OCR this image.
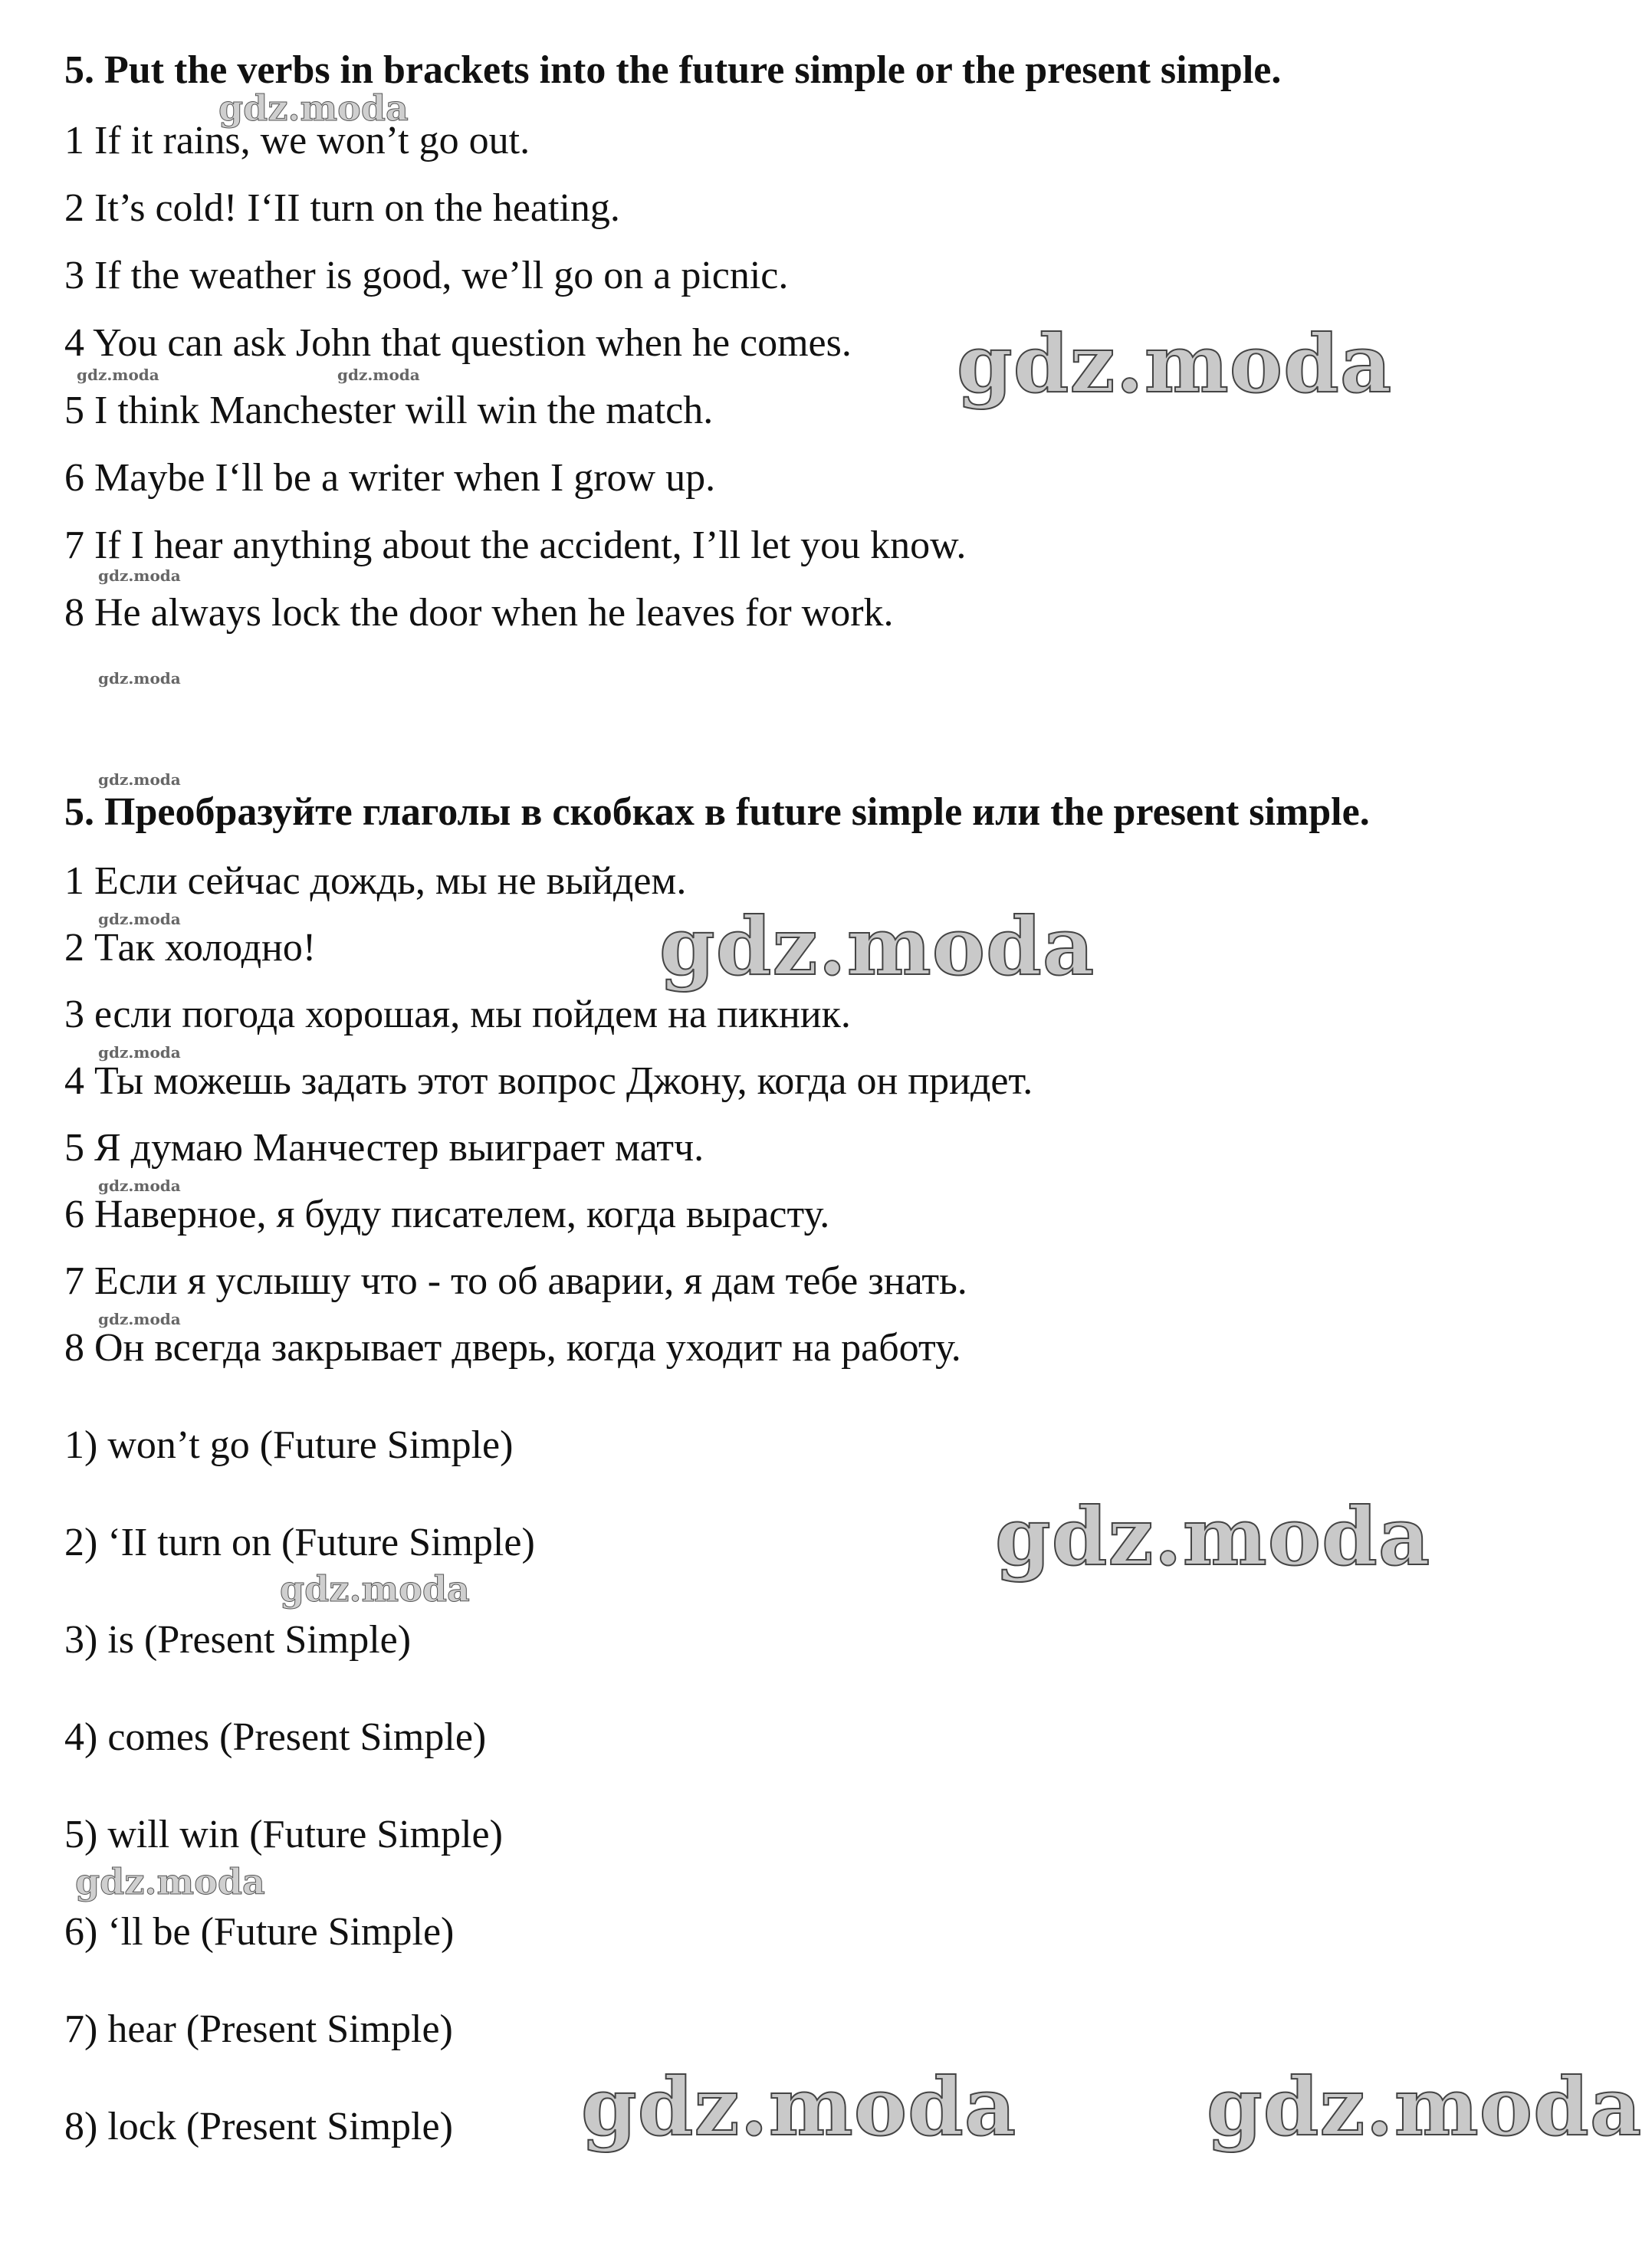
5. Put the verbs in brackets into the future simple or the present simple.
1 If it rains, we won’t go out.
2 It’s cold! I‘II turn on the heating.
3 If the weather is good, we’ll go on a picnic.
4 You can ask John that question when he comes.
5 I think Manchester will win the match.
6 Maybe I‘ll be a writer when I grow up.
7 If I hear anything about the accident, I’ll let you know.
8 He always lock the door when he leaves for work.
5. Преобразуйте глаголы в скобках в future simple или the present simple.
1 Если сейчас дождь, мы не выйдем.
2 Так холодно!
3 если погода хорошая, мы пойдем на пикник.
4 Ты можешь задать этот вопрос Джону, когда он придет.
5 Я думаю Манчестер выиграет матч.
6 Наверное, я буду писателем, когда вырасту.
7 Если я услышу что - то об аварии, я дам тебе знать.
8 Он всегда закрывает дверь, когда уходит на работу.
1) won’t go (Future Simple)
2) ‘II turn on (Future Simple)
3) is (Present Simple)
4) comes (Present Simple)
5) will win (Future Simple)
6) ‘ll be (Future Simple)
7) hear (Present Simple)
8) lock (Present Simple)
gdz.moda
gdz.moda
gdz.moda	gdz.moda
gdz.moda
gdz.moda
gdz.moda
gdz.moda	gdz.moda
gdz.moda
gdz.moda
gdz.moda
gdz.moda
gdz.moda
gdz.moda
gdz.moda gdz.moda
